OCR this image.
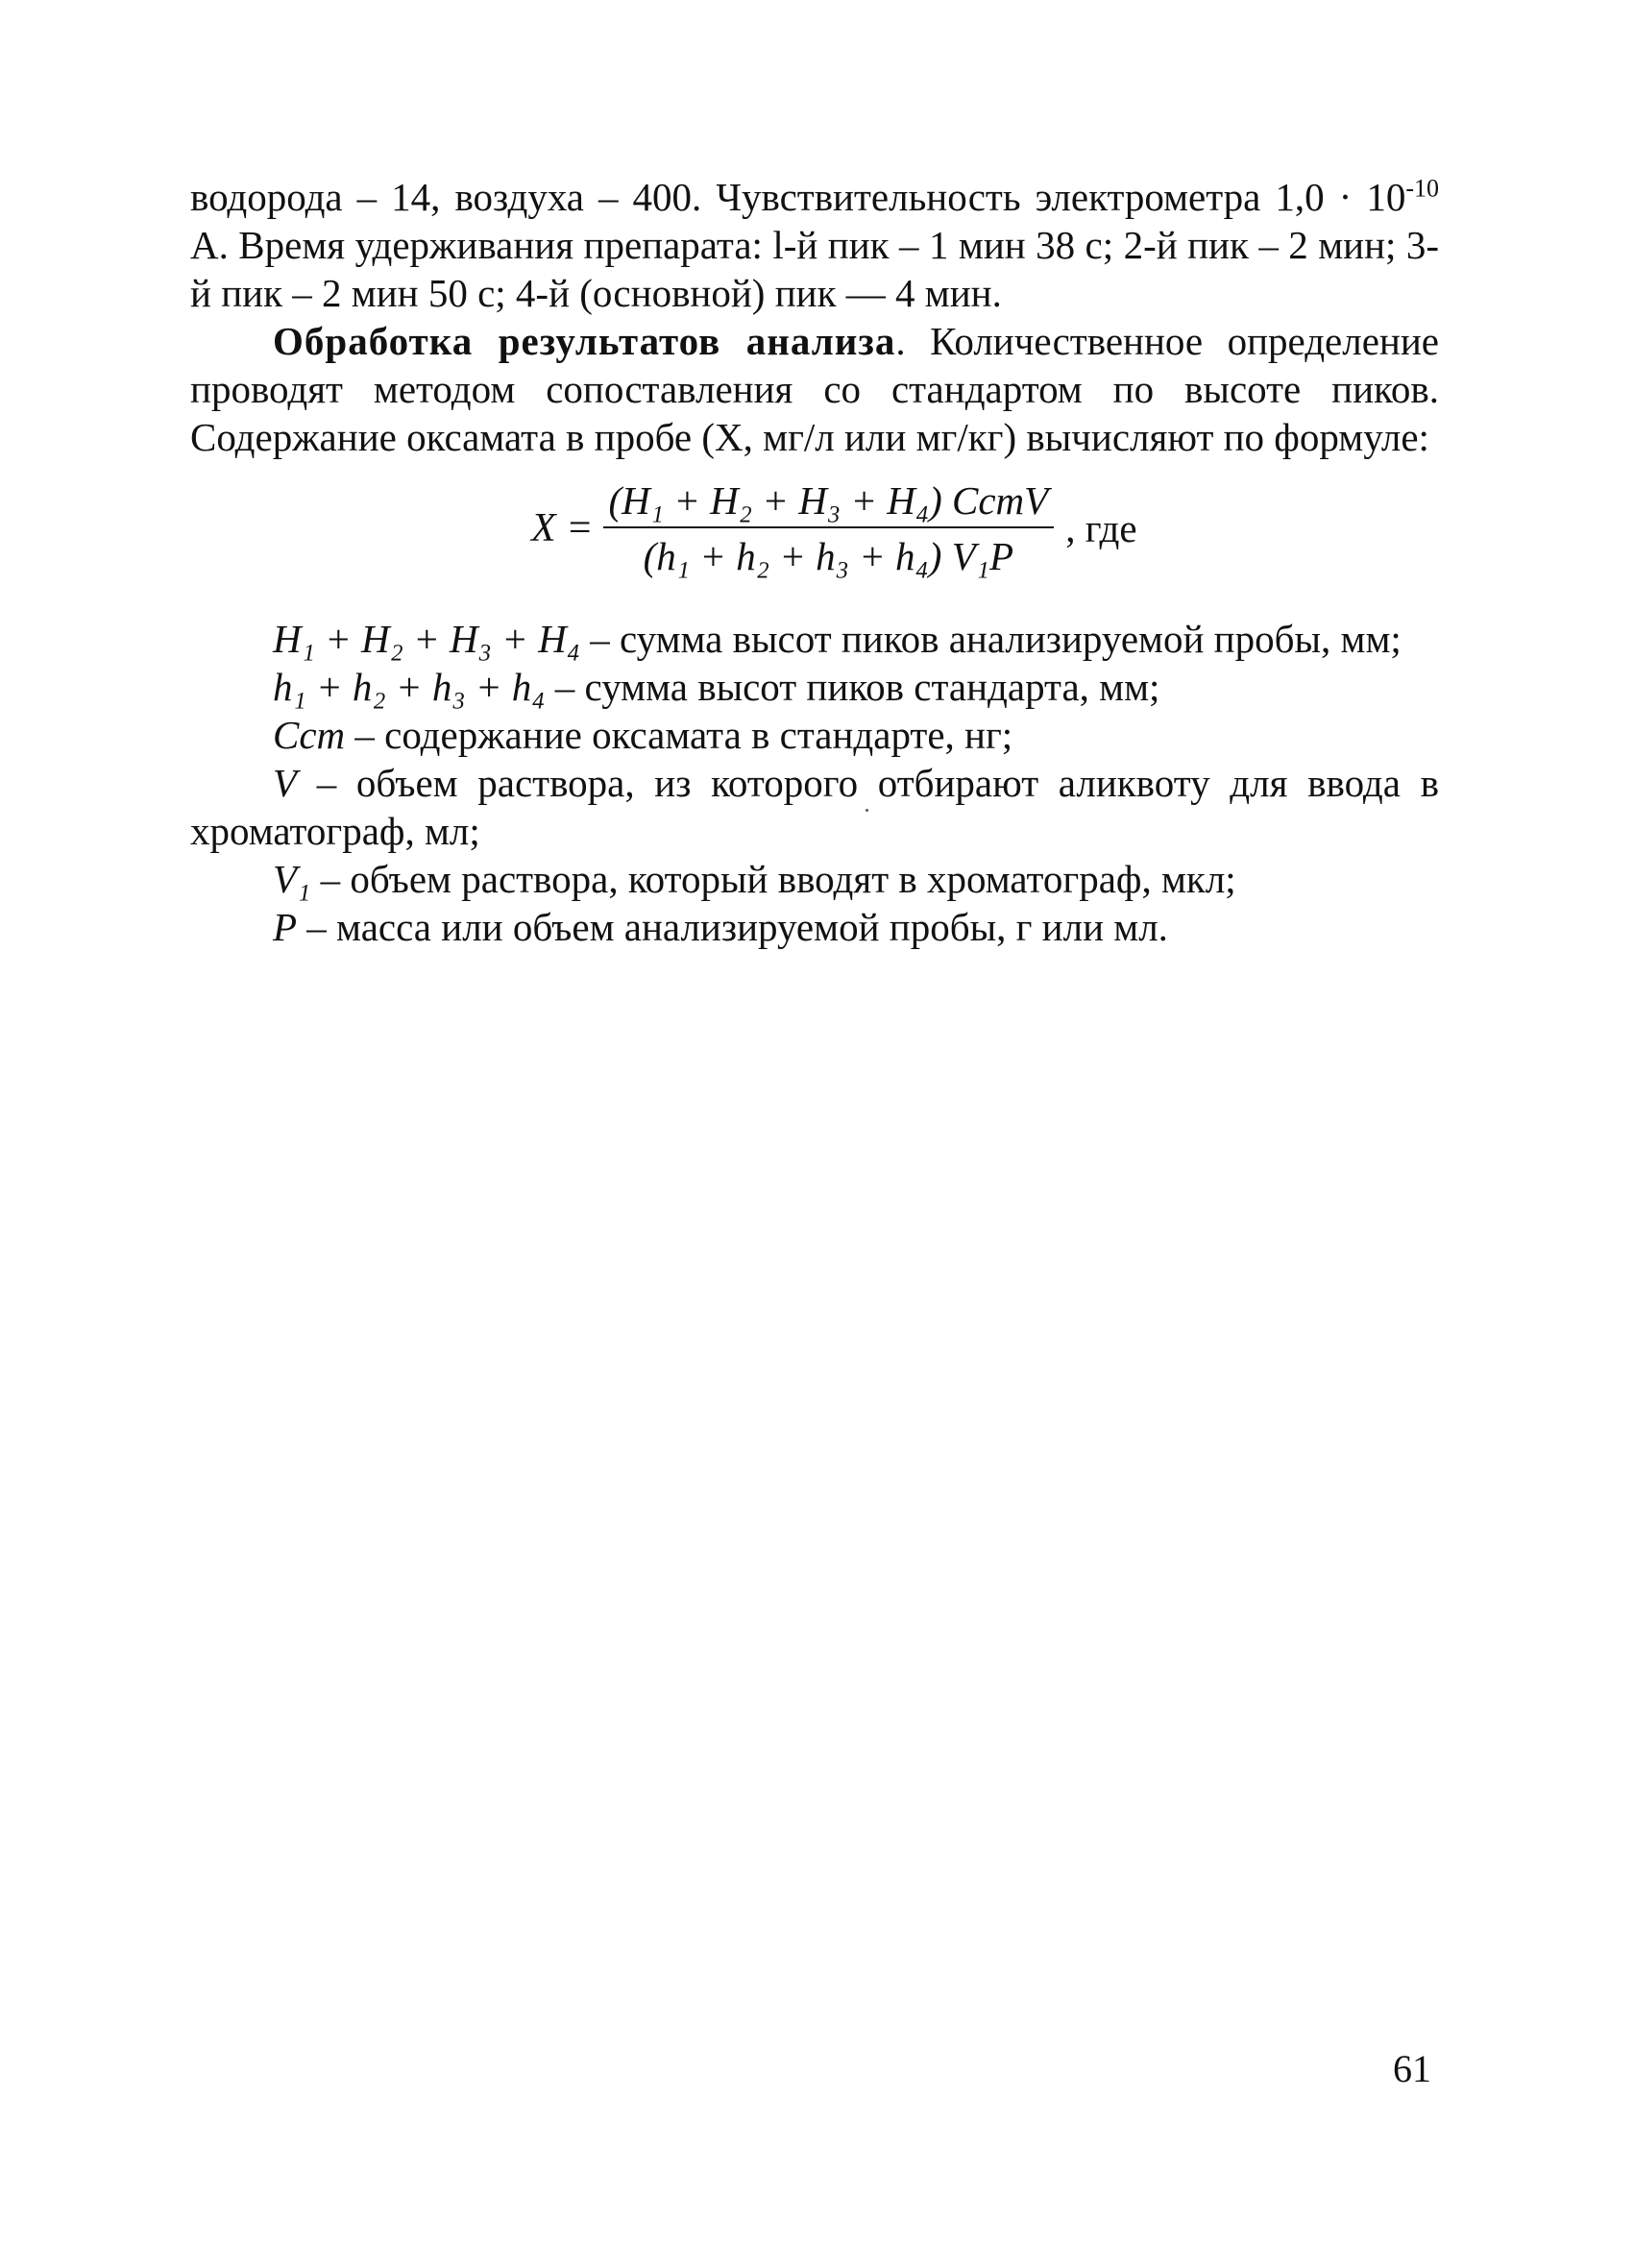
водорода – 14, воздуха – 400. Чувствительность электрометра $1,0 \cdot 10^{-10}$ А. Время удерживания препарата: l-й пик – 1 мин 38 с; 2-й пик – 2 мин; 3-й пик – 2 мин 50 с; 4-й (основной) пик — 4 мин.

Обработка результатов анализа. Количественное определение проводят методом сопоставления со стандартом по высоте пиков. Содержание оксамата в пробе (X, мг/л или мг/кг) вычисляют по формуле:

$X = \frac{\text{(H₁ + H₂ + H₃ + H₄) CстV}}{\text{(h₁ + h₂ + h₃ + h₄) V₁P}}$ , где

H₁ + H₂ + H₃ + H₄ – сумма высот пиков анализируемой пробы, мм;

h₁ + h₂ + h₃ + h₄ – сумма высот пиков стандарта, мм;

Cст – содержание оксамата в стандарте, нг;

V – объем раствора, из которого отбирают аликвоту для ввода в хроматограф, мл;

V₁ – объем раствора, который вводят в хроматограф, мкл;

P – масса или объем анализируемой пробы, г или мл.

61
